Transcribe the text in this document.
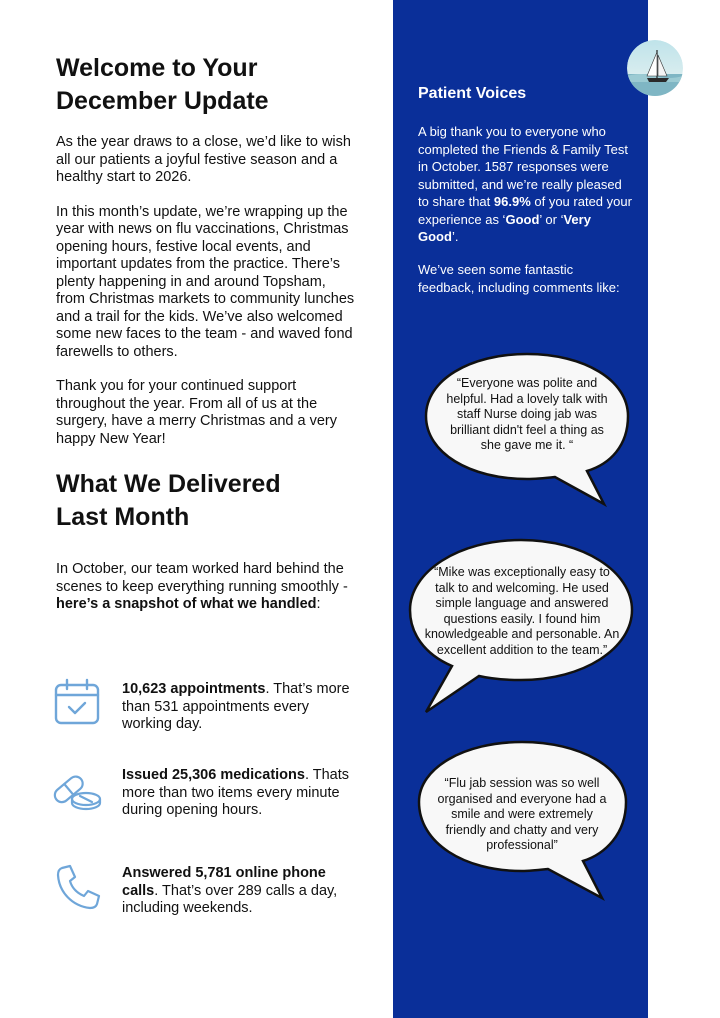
Welcome to Your
December Update

As the year draws to a close, we’d like to wish all our patients a joyful festive season and a healthy start to 2026.

In this month’s update, we’re wrapping up the year with news on flu vaccinations, Christmas opening hours, festive local events, and important updates from the practice. There’s plenty happening in and around Topsham, from Christmas markets to community lunches and a trail for the kids. We’ve also welcomed some new faces to the team - and waved fond farewells to others.

Thank you for your continued support throughout the year. From all of us at the surgery, have a merry Christmas and a very happy New Year!

What We Delivered
Last Month

In October, our team worked hard behind the scenes to keep everything running smoothly - here’s a snapshot of what we handled:

10,623 appointments. That’s more than 531 appointments every working day.
Issued 25,306 medications. Thats more than two items every minute during opening hours.
Answered 5,781 online phone calls. That’s over 289 calls a day, including weekends.
Patient Voices

A big thank you to everyone who completed the Friends & Family Test in October. 1587 responses were submitted, and we’re really pleased to share that 96.9% of you rated your experience as ‘Good’ or ‘Very Good’.

We’ve seen some fantastic feedback, including comments like:

“Everyone was polite and helpful. Had a lovely talk with staff Nurse doing jab was brilliant didn't feel a thing as she gave me it. “
“Mike was exceptionally easy to talk to and welcoming. He used simple language and answered questions easily. I found him knowledgeable and personable. An excellent addition to the team.”
“Flu jab session was so well organised and everyone had a smile and were extremely friendly and chatty and very professional”
